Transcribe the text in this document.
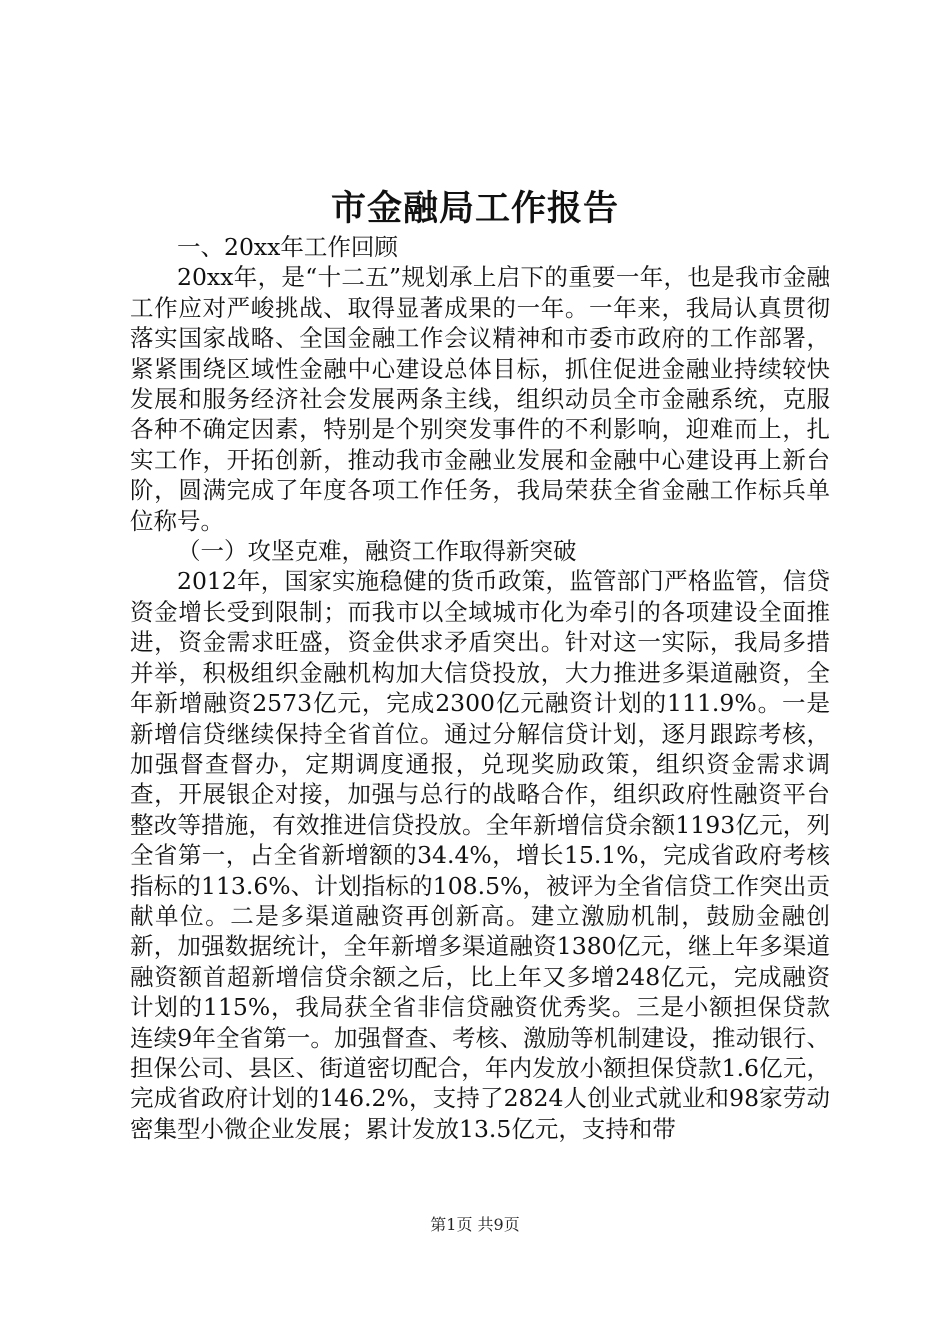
市金融局工作报告

一、20xx年工作回顾

20xx年，是“十二五”规划承上启下的重要一年，也是我市金融工作应对严峻挑战、取得显著成果的一年。一年来，我局认真贯彻落实国家战略、全国金融工作会议精神和市委市政府的工作部署，紧紧围绕区域性金融中心建设总体目标，抓住促进金融业持续较快发展和服务经济社会发展两条主线，组织动员全市金融系统，克服各种不确定因素，特别是个别突发事件的不利影响，迎难而上，扎实工作，开拓创新，推动我市金融业发展和金融中心建设再上新台阶，圆满完成了年度各项工作任务，我局荣获全省金融工作标兵单位称号。

（一）攻坚克难，融资工作取得新突破

2012年，国家实施稳健的货币政策，监管部门严格监管，信贷资金增长受到限制；而我市以全域城市化为牵引的各项建设全面推进，资金需求旺盛，资金供求矛盾突出。针对这一实际，我局多措并举，积极组织金融机构加大信贷投放，大力推进多渠道融资，全年新增融资2573亿元，完成2300亿元融资计划的111.9%。一是新增信贷继续保持全省首位。通过分解信贷计划，逐月跟踪考核，加强督查督办，定期调度通报，兑现奖励政策，组织资金需求调查，开展银企对接，加强与总行的战略合作，组织政府性融资平台整改等措施，有效推进信贷投放。全年新增信贷余额1193亿元，列全省第一，占全省新增额的34.4%，增长15.1%，完成省政府考核指标的113.6%、计划指标的108.5%，被评为全省信贷工作突出贡献单位。二是多渠道融资再创新高。建立激励机制，鼓励金融创新，加强数据统计，全年新增多渠道融资1380亿元，继上年多渠道融资额首超新增信贷余额之后，比上年又多增248亿元，完成融资计划的115%，我局获全省非信贷融资优秀奖。三是小额担保贷款连续9年全省第一。加强督查、考核、激励等机制建设，推动银行、担保公司、县区、街道密切配合，年内发放小额担保贷款1.6亿元，完成省政府计划的146.2%，支持了2824人创业式就业和98家劳动密集型小微企业发展；累计发放13.5亿元，支持和带

第1页 共9页
